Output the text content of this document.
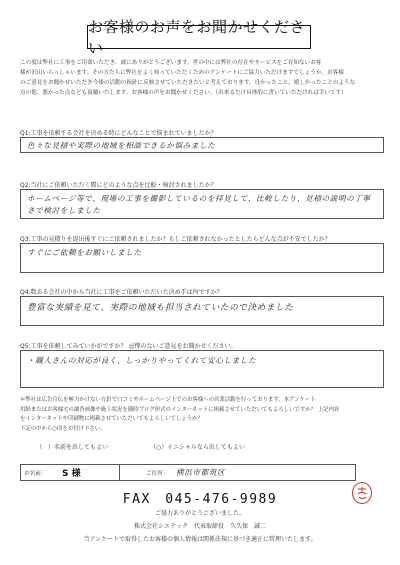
お客様のお声をお聞かせください

この度は弊社に工事をご用命いただき、誠にありがとうございます。世の中には弊社の存在やサービスをご存知ないお客

様が沢山いらっしゃいます。その方たちに弊社をよく知っていただくためのアンケートにご協力いただけますでしょうか。お客様

のご意見をお聞かせいただき今後の活動の指針に反映させていただきたいと考えております。良かったこと、嬉しかったことのような

点の他、悪かった点なども頂戴いたします。お客様の声をお聞かせください。（出来るだけ具体的に書いていただければ幸いです）

Q1:工事を依頼する会社を決める時にどんなことで悩まれていましたか？
色々な見積や実際の地域を相談できるか悩みました
Q2:当社にご依頼いただく際にどのような点を比較・検討されましたか？
ホームページ等で、現場の工事を撮影しているのを拝見して、比較したり、見積の説明の丁寧さで検討をしました
Q3:工事の見積りを提出後すぐにご依頼されましたか？もしご依頼されなかったとしたらどんな点が不安でしたか？
すぐにご依頼をお願いしました
Q4:数ある会社の中から当社に工事をご依頼いただいた決め手は何ですか？
豊富な実績を見て、実際の地域も担当されていたので決めました
Q5:工事を依頼してみていかがですか？ 忌憚のないご意見をお聞かせください。
・職人さんの対応が良く、しっかりやってくれて安心しました

＊弊社は広告宣伝を極力かけない方針で口コミやホームページ上でのお客様への営業活動を行っております。本アンケート

用紙またはお客様宅の調査画像や施工状況を随時ブログ形式のインターネットに掲載させていただいてもよろしいですか？ 上記内容

をインターネットや印刷物に掲載させていただいてもよろしいでしょうか？

下記の中から○印をお付け下さい。

（　）名前を出してもよい	（○）イニシャルなら出してもよい
お名前： S 様	ご住所： 横浜市都筑区
FAX　045-476-9989
ご協力ありがとうございました。
株式会社シエテック　代表取締役　久久保　誠二
当アンケートで取得したお客様の個人情報は関係法規に基づき適正に管理いたします。
